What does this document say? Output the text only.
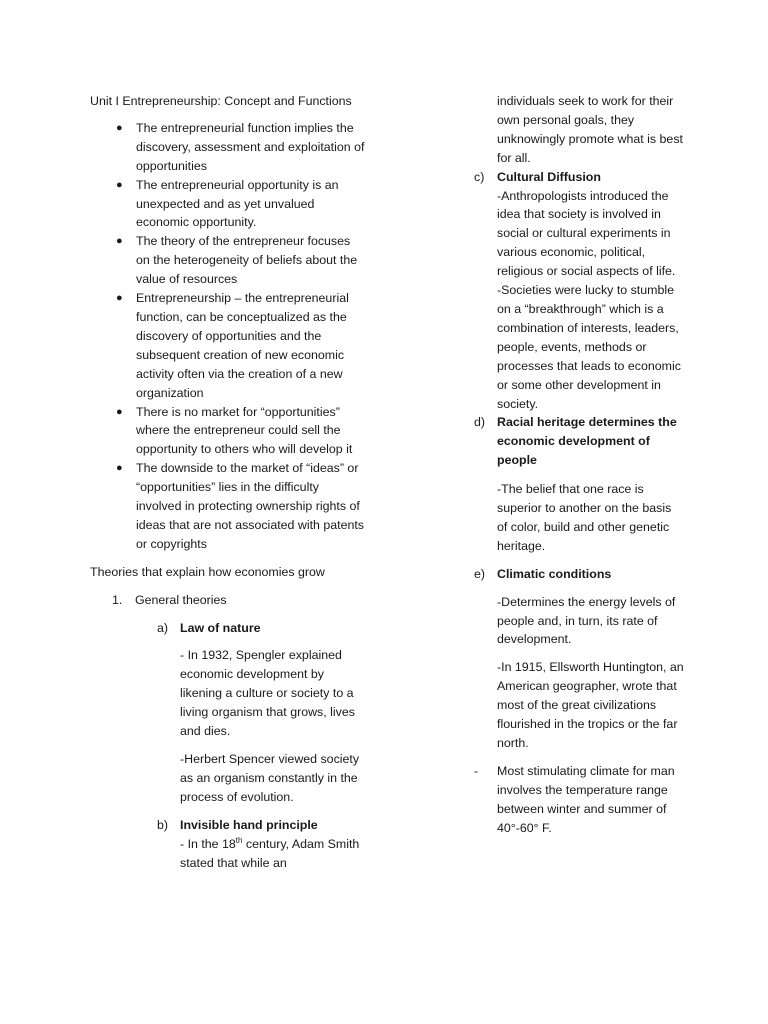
Unit I Entrepreneurship: Concept and Functions
● The entrepreneurial function implies the discovery, assessment and exploitation of opportunities
● The entrepreneurial opportunity is an unexpected and as yet unvalued economic opportunity.
● The theory of the entrepreneur focuses on the heterogeneity of beliefs about the value of resources
● Entrepreneurship – the entrepreneurial function, can be conceptualized as the discovery of opportunities and the subsequent creation of new economic activity often via the creation of a new organization
● There is no market for “opportunities” where the entrepreneur could sell the opportunity to others who will develop it
● The downside to the market of “ideas” or “opportunities” lies in the difficulty involved in protecting ownership rights of ideas that are not associated with patents or copyrights
Theories that explain how economies grow
1. General theories
a) Law of nature
- In 1932, Spengler explained economic development by likening a culture or society to a living organism that grows, lives and dies.
-Herbert Spencer viewed society as an organism constantly in the process of evolution.
b) Invisible hand principle
- In the 18th century, Adam Smith stated that while an
individuals seek to work for their own personal goals, they unknowingly promote what is best for all.
c) Cultural Diffusion
-Anthropologists introduced the idea that society is involved in social or cultural experiments in various economic, political, religious or social aspects of life.
-Societies were lucky to stumble on a “breakthrough” which is a combination of interests, leaders, people, events, methods or processes that leads to economic or some other development in society.
d) Racial heritage determines the economic development of people
-The belief that one race is superior to another on the basis of color, build and other genetic heritage.
e) Climatic conditions
-Determines the energy levels of people and, in turn, its rate of development.
-In 1915, Ellsworth Huntington, an American geographer, wrote that most of the great civilizations flourished in the tropics or the far north.
- Most stimulating climate for man involves the temperature range between winter and summer of 40°-60° F.
